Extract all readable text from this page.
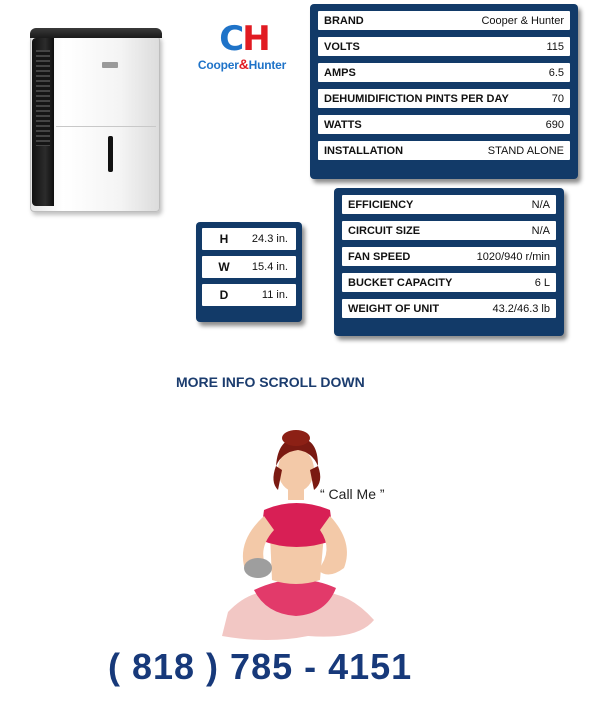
CH
Cooper&Hunter
BRAND	Cooper & Hunter
VOLTS	115
AMPS	6.5
DEHUMIDIFICTION PINTS PER DAY	70
WATTS	690
INSTALLATION	STAND ALONE
EFFICIENCY	N/A
CIRCUIT SIZE	N/A
FAN SPEED	1020/940 r/min
BUCKET CAPACITY	6 L
WEIGHT OF UNIT	43.2/46.3 lb
H	24.3 in.
W	15.4 in.
D	11 in.
MORE INFO SCROLL DOWN
“ Call Me ”
( 818 ) 785 - 4151
